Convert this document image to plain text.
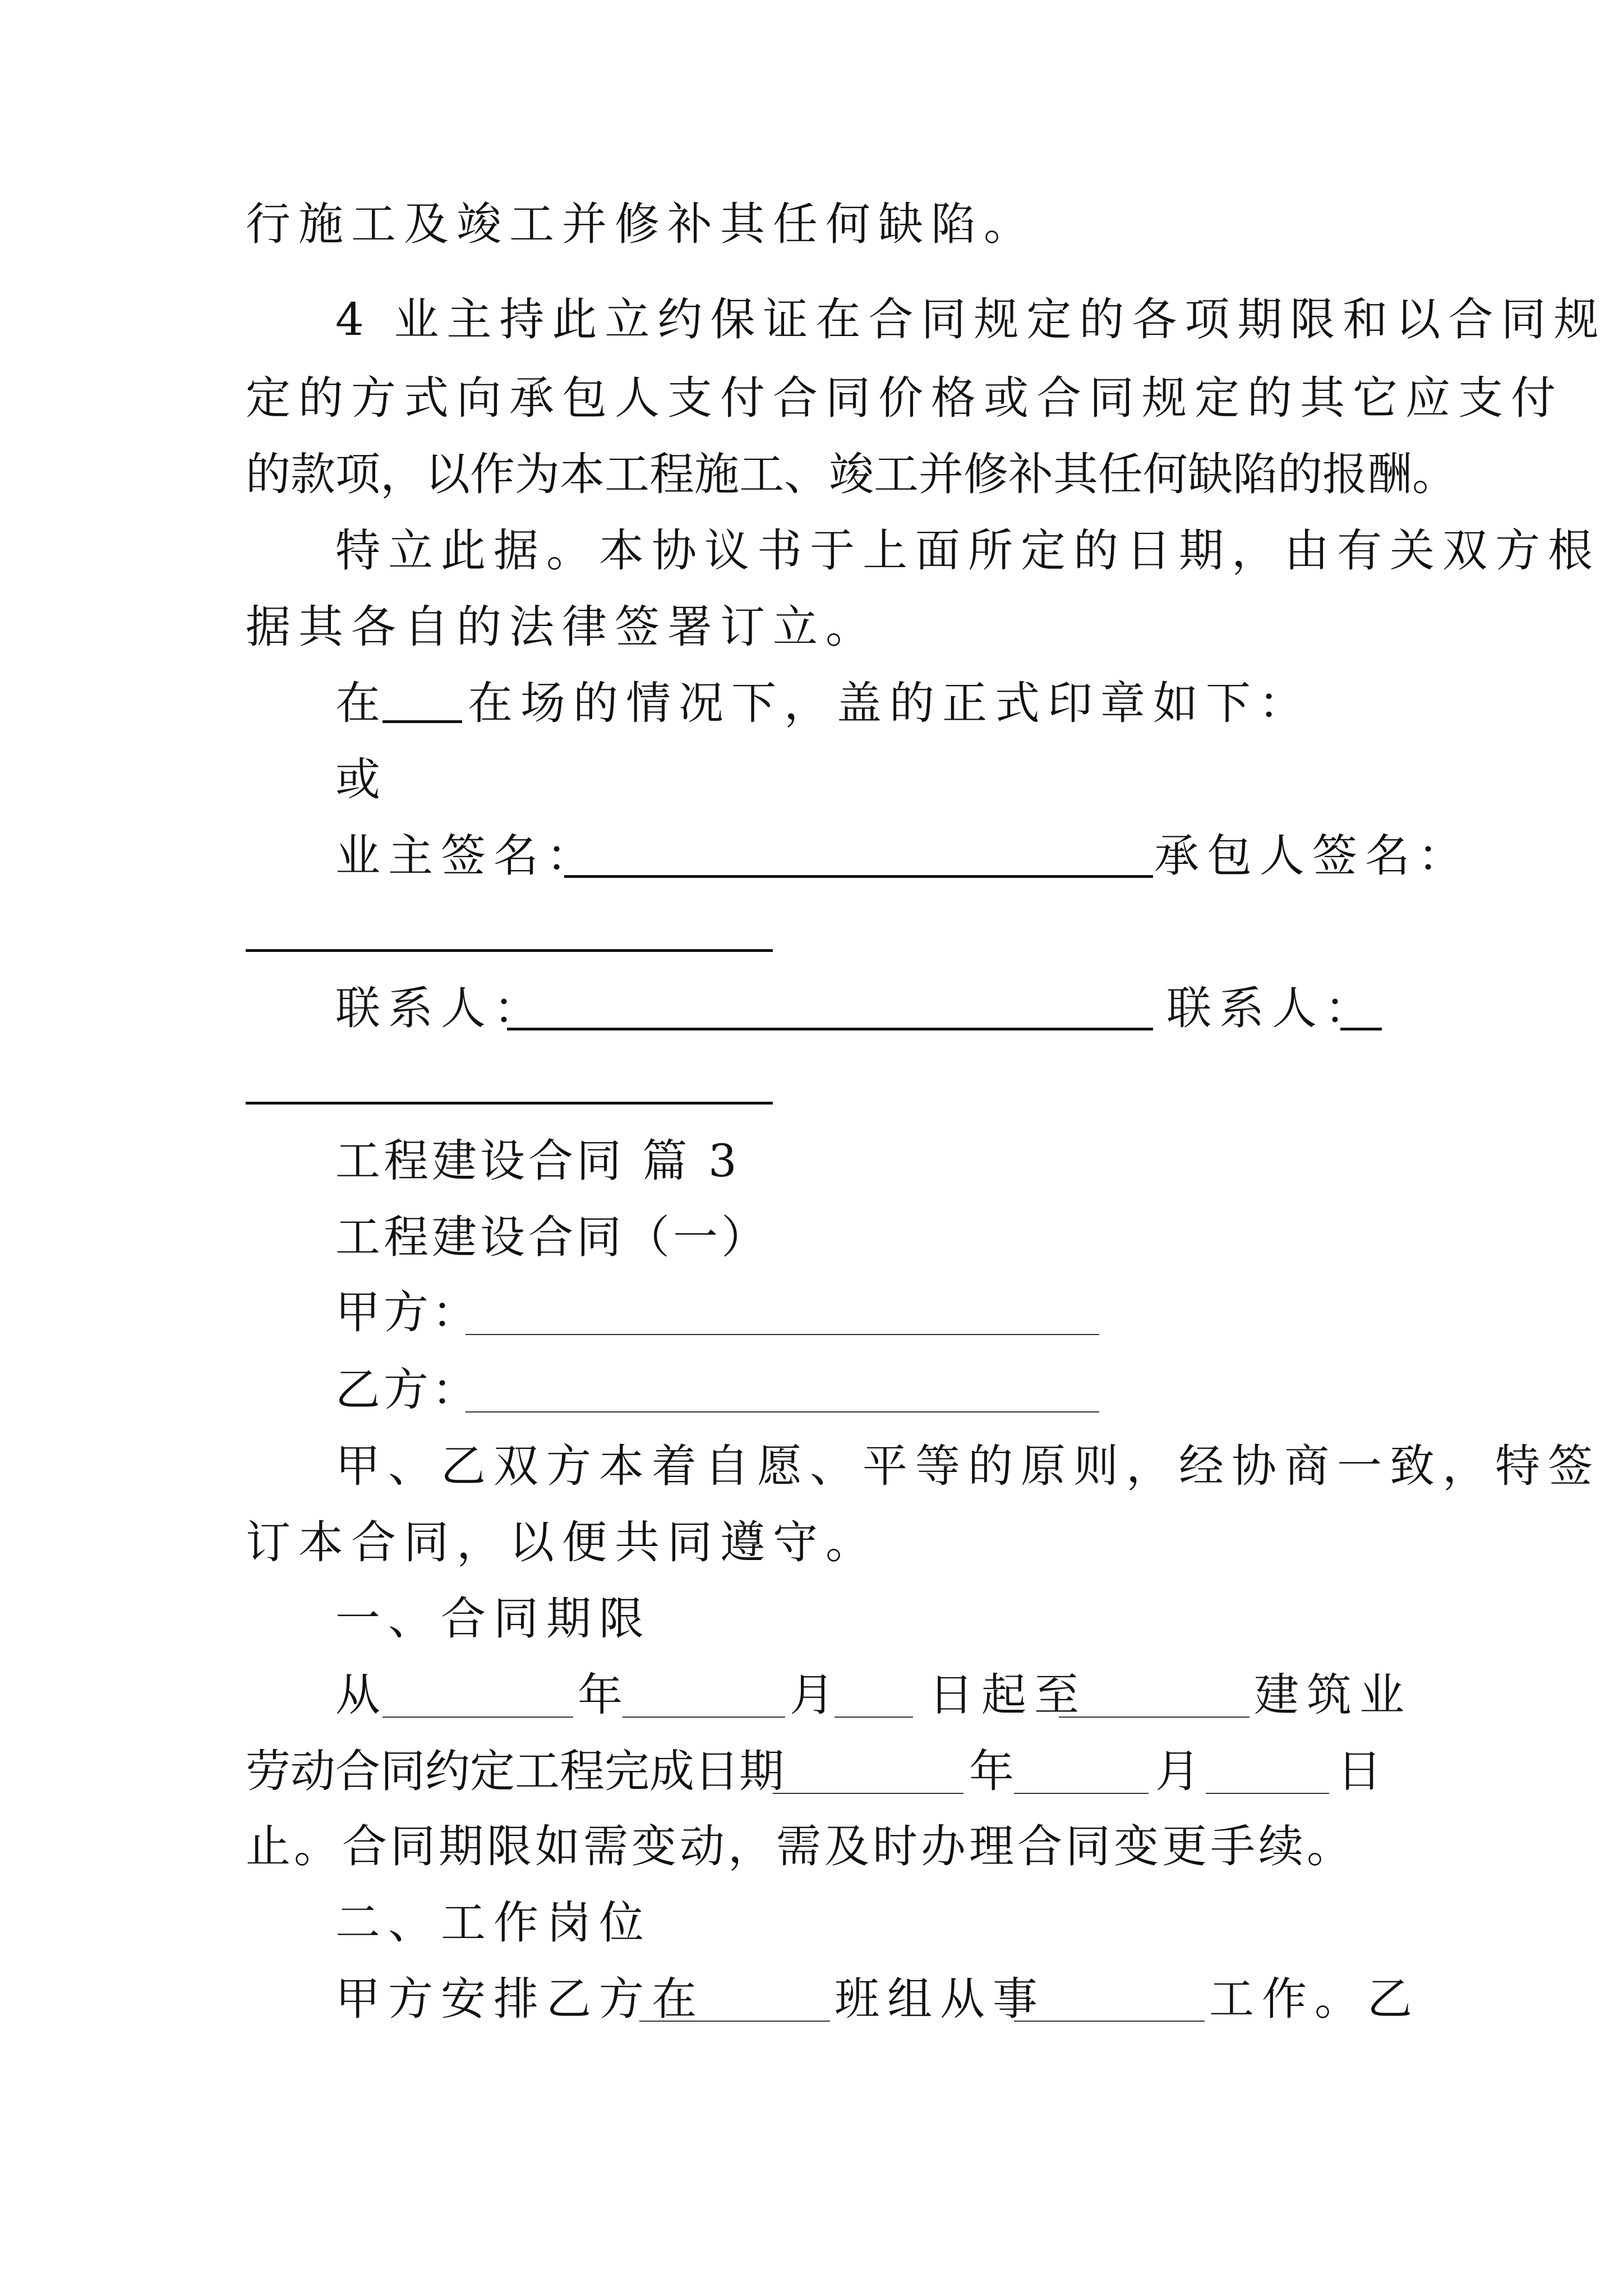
行施工及竣工并修补其任何缺陷。
4 业主持此立约保证在合同规定的各项期限和以合同规
定的方式向承包人支付合同价格或合同规定的其它应支付
的款项，以作为本工程施工、竣工并修补其任何缺陷的报酬。
特立此据。本协议书于上面所定的日期，由有关双方根
据其各自的法律签署订立。
在 在场的情况下，盖的正式印章如下：
或
业主签名：	承包人签名：
联系人：	联系人：
工程建设合同 篇 3
工程建设合同（一）
甲方：
乙方：
甲、乙双方本着自愿、平等的原则，经协商一致，特签
订本合同，以便共同遵守。
一、合同期限
从	年	月 日起至	建筑业
劳动合同约定工程完成日期	年	月	日
止。合同期限如需变动，需及时办理合同变更手续。
二、工作岗位
甲方安排乙方在	班组从事	工作。乙
